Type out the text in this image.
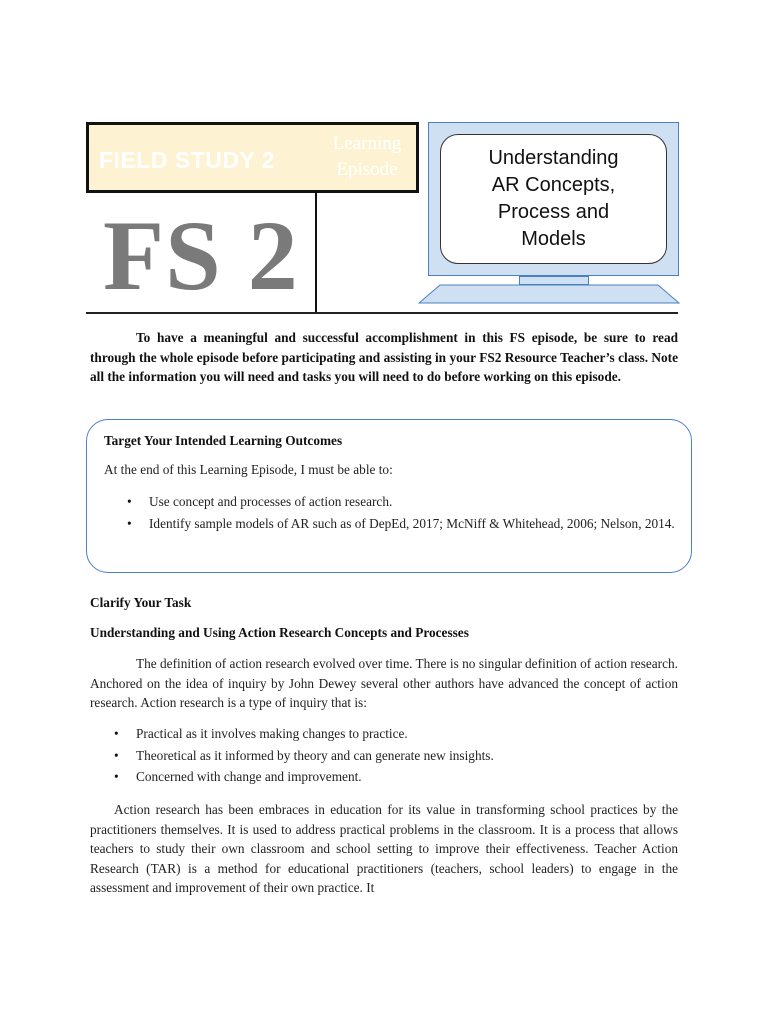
FIELD STUDY 2
Learning
Episode
FS 2
Understanding
AR Concepts,
Process and
Models

To have a meaningful and successful accomplishment in this FS episode, be sure to read through the whole episode before participating and assisting in your FS2 Resource Teacher’s class. Note all the information you will need and tasks you will need to do before working on this episode.

Target Your Intended Learning Outcomes
At the end of this Learning Episode, I must be able to:
• Use concept and processes of action research.
• Identify sample models of AR such as of DepEd, 2017; McNiff & Whitehead, 2006; Nelson, 2014.
Clarify Your Task
Understanding and Using Action Research Concepts and Processes

The definition of action research evolved over time. There is no singular definition of action research. Anchored on the idea of inquiry by John Dewey several other authors have advanced the concept of action research. Action research is a type of inquiry that is:

• Practical as it involves making changes to practice.
• Theoretical as it informed by theory and can generate new insights.
• Concerned with change and improvement.

Action research has been embraces in education for its value in transforming school practices by the practitioners themselves. It is used to address practical problems in the classroom. It is a process that allows teachers to study their own classroom and school setting to improve their effectiveness. Teacher Action Research (TAR) is a method for educational practitioners (teachers, school leaders) to engage in the assessment and improvement of their own practice. It
